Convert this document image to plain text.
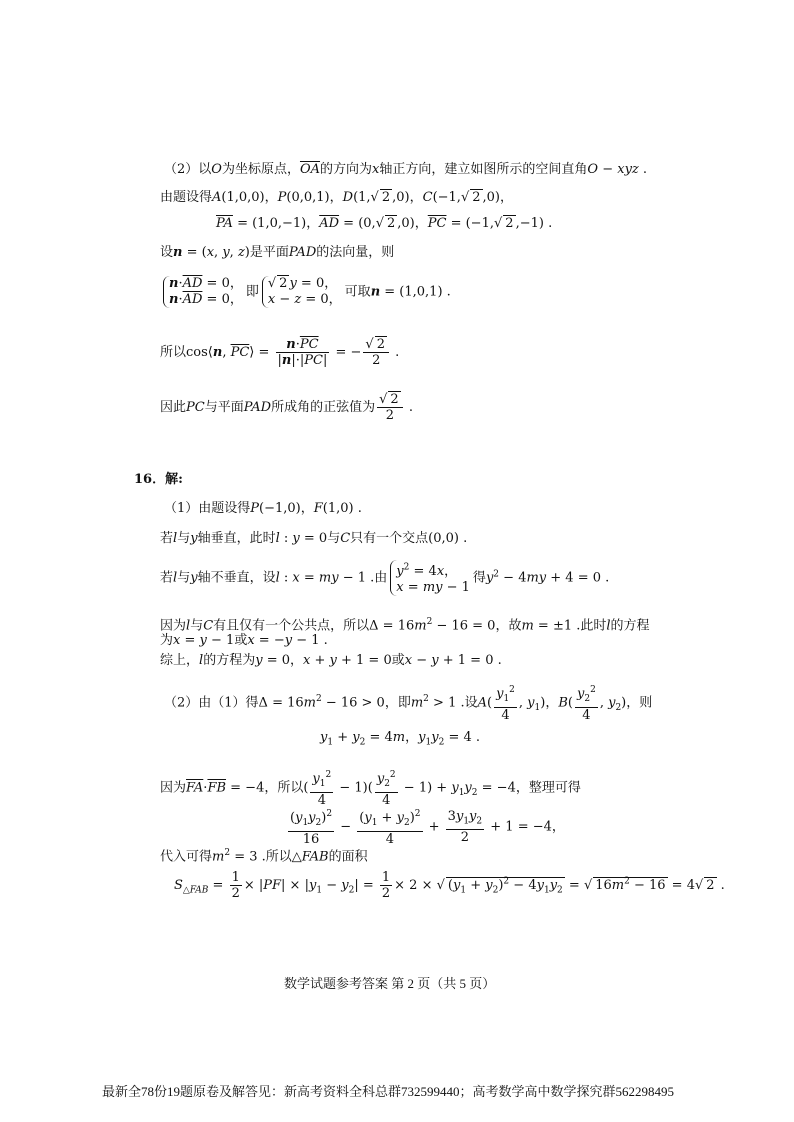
（2）以O为坐标原点，$\overline{OA}$的方向为x轴正方向，建立如图所示的空间直角O − xyz .
由题设得A(1,0,0)，P(0,0,1)，D(1,√ 2 ,0)，C(−1,√ 2 ,0)，
$\overline{PA} = (1,0,-1)$，$\overline{AD} = (0,√$ 2 ,0)，$\overline{PC} = (-1,√$ 2 ,−1) .
设n = (x, y, z)是平面PAD的法向量，则
$n\cdot\overline{AD} = 0$，
$n\cdot\overline{AD} = 0$， 即√ 2 y = 0，
x − z = 0， 可取n = (1,0,1) .
所以cos⟨n, $\overline{PC}⟩ = \frac{n\cdot\overline{PC}}{|n|\cdot|\overline{PC}|}$ = − $\frac{√ 2}{2}$ .
因此PC与平面PAD所成角的正弦值为 $\frac{√ 2}{2}$ .
16．解:
（1）由题设得P(−1,0)，F(1,0) .
若l与y轴垂直，此时l : y = 0与C只有一个交点(0,0) .
若l与y轴不垂直，设l : x = my − 1 .由 $y^2 = 4x$，
x = my − 1得$y^2 - 4my + 4 = 0$ .
因为l与C有且仅有一个公共点，所以$\Delta = 16m^2 - 16 = 0$，故m = ±1 .此时l的方程
为x = y − 1或x = −y − 1 .
综上，l的方程为y = 0，x + y + 1 = 0或x − y + 1 = 0 .
（2）由（1）得$\Delta = 16m^2 - 16 > 0$，即$m^2 > 1$ .设$A( \frac{y_1^2}{4}$ , $y_1$)，$B( \frac{y_2^2}{4}$ , $y_2$)，则
$y_1 + y_2 = 4m$，$y_1y_2 = 4$ .
因为$\overline{FA}\cdot\overline{FB} = -4$，所以( $\frac{y_1^2}{4} - 1)( \frac{y_2^2}{4} - 1) + y_1y_2 = -4$，整理可得
$\frac{(y_1y_2)^2}{16} - \frac{(y_1 + y_2)^2}{4} + \frac{3y_1y_2}{2} + 1 = -4$，
代入可得$m^2 = 3$ .所以△FAB的面积
$S_{\triangle FAB} = \frac{1}{2} \times |PF| \times |y_1 - y_2| = \frac{1}{2} \times 2$ × √ $(y_1 + y_2)^2 - 4y_1y_2$ = √ $16m^2 - 16 = 4√$ 2 .
数学试题参考答案 第 2 页（共 5 页）
最新全78份19题原卷及解答见：新高考资料全科总群732599440；高考数学高中数学探究群562298495
